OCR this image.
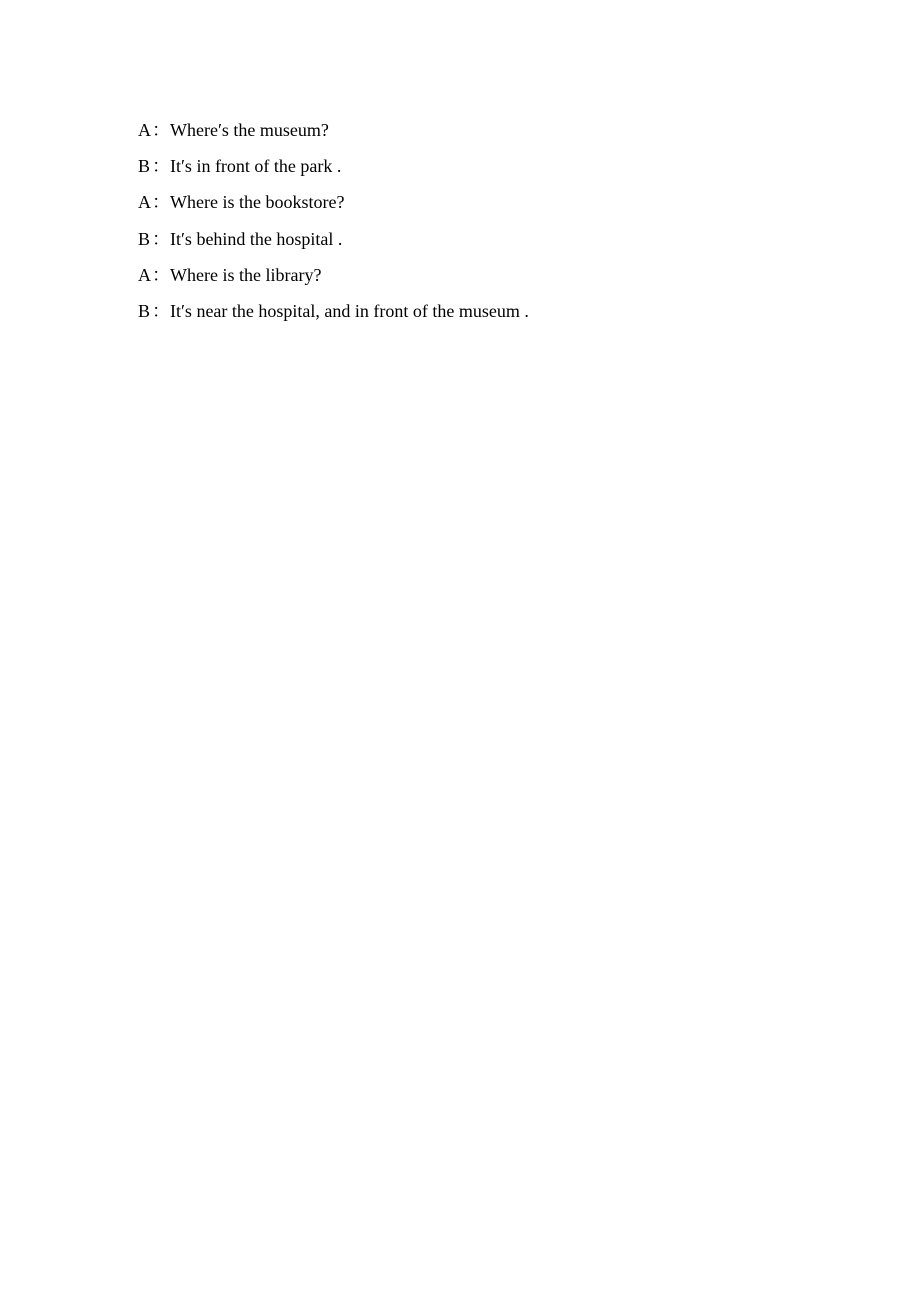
A ： Where′s the museum?
B ： It′s in front of the park .
A ： Where is the bookstore?
B ： It′s behind the hospital .
A ： Where is the library?
B ： It′s near the hospital, and in front of the museum .
